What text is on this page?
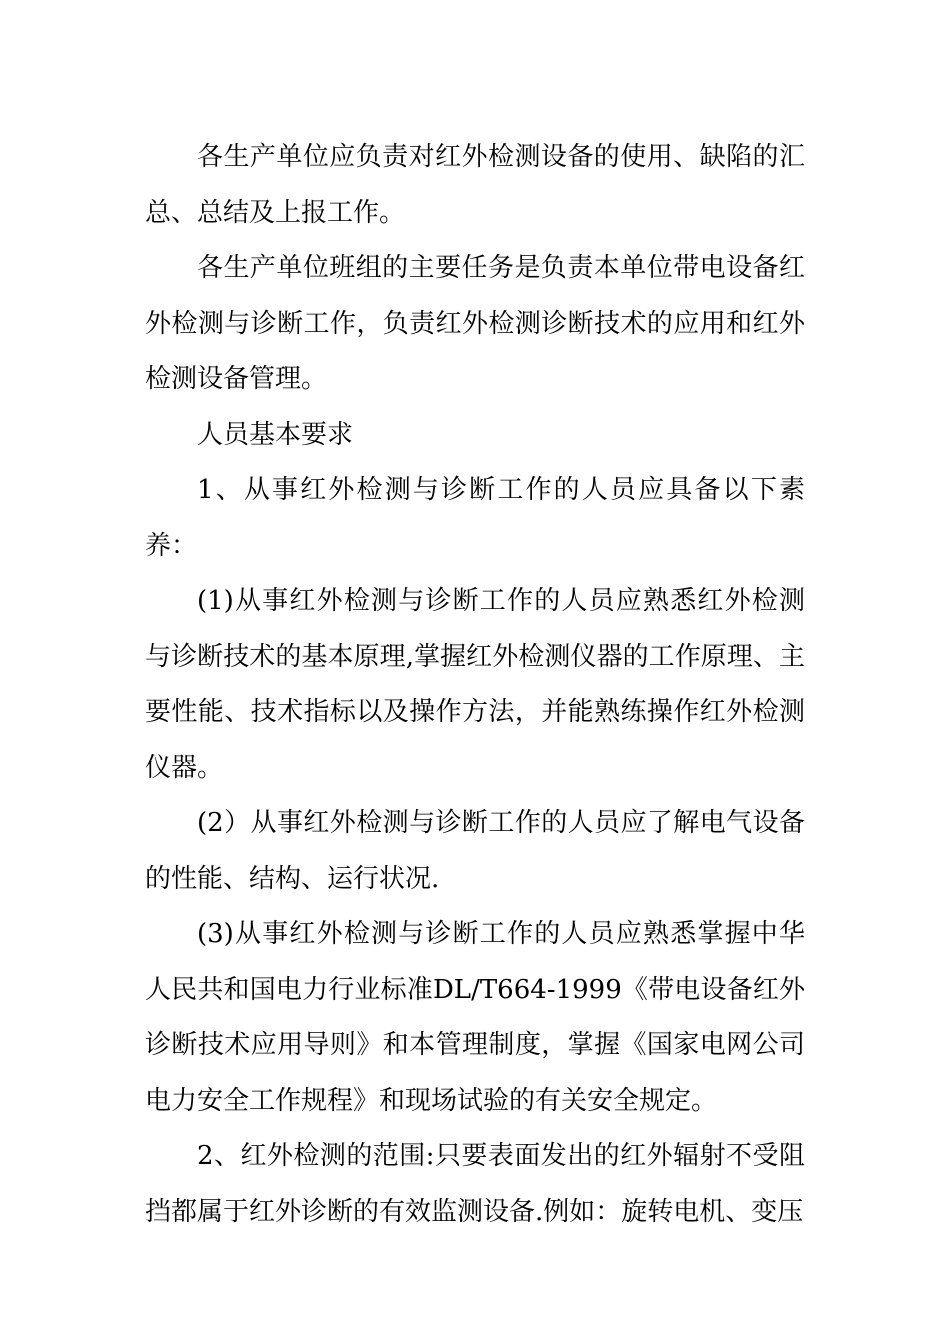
各生产单位应负责对红外检测设备的使用、缺陷的汇总、总结及上报工作。

各生产单位班组的主要任务是负责本单位带电设备红外检测与诊断工作，负责红外检测诊断技术的应用和红外检测设备管理。

人员基本要求

1、从事红外检测与诊断工作的人员应具备以下素养：

(1)从事红外检测与诊断工作的人员应熟悉红外检测与诊断技术的基本原理,掌握红外检测仪器的工作原理、主要性能、技术指标以及操作方法，并能熟练操作红外检测仪器。

(2）从事红外检测与诊断工作的人员应了解电气设备的性能、结构、运行状况.

(3)从事红外检测与诊断工作的人员应熟悉掌握中华人民共和国电力行业标准DL/T664-1999《带电设备红外诊断技术应用导则》和本管理制度，掌握《国家电网公司电力安全工作规程》和现场试验的有关安全规定。

2、红外检测的范围:只要表面发出的红外辐射不受阻挡都属于红外诊断的有效监测设备.例如：旋转电机、变压
